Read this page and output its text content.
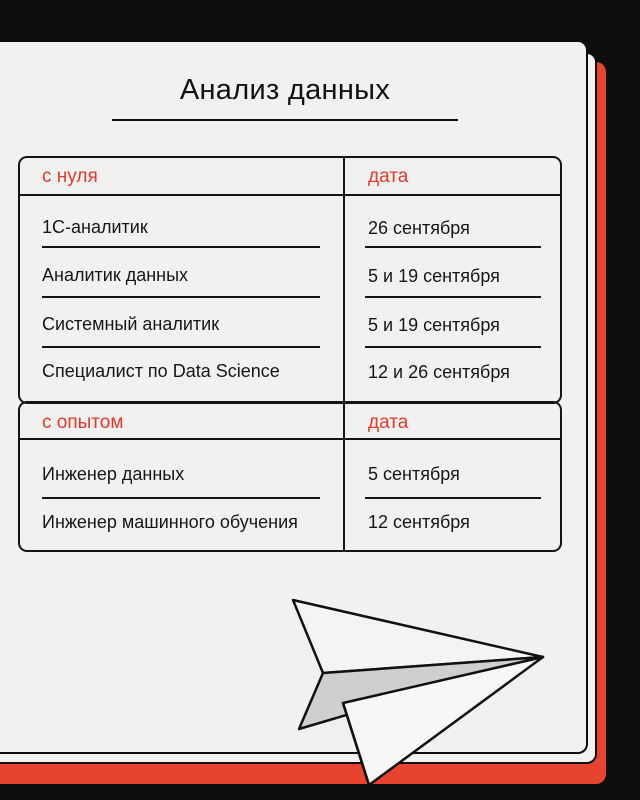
Анализ данных
с нуля	дата
1С-аналитик	26 сентября
Аналитик данных	5 и 19 сентября
Системный аналитик	5 и 19 сентября
Специалист по Data Science	12 и 26 сентября
с опытом	дата
Инженер данных	5 сентября
Инженер машинного обучения	12 сентября
